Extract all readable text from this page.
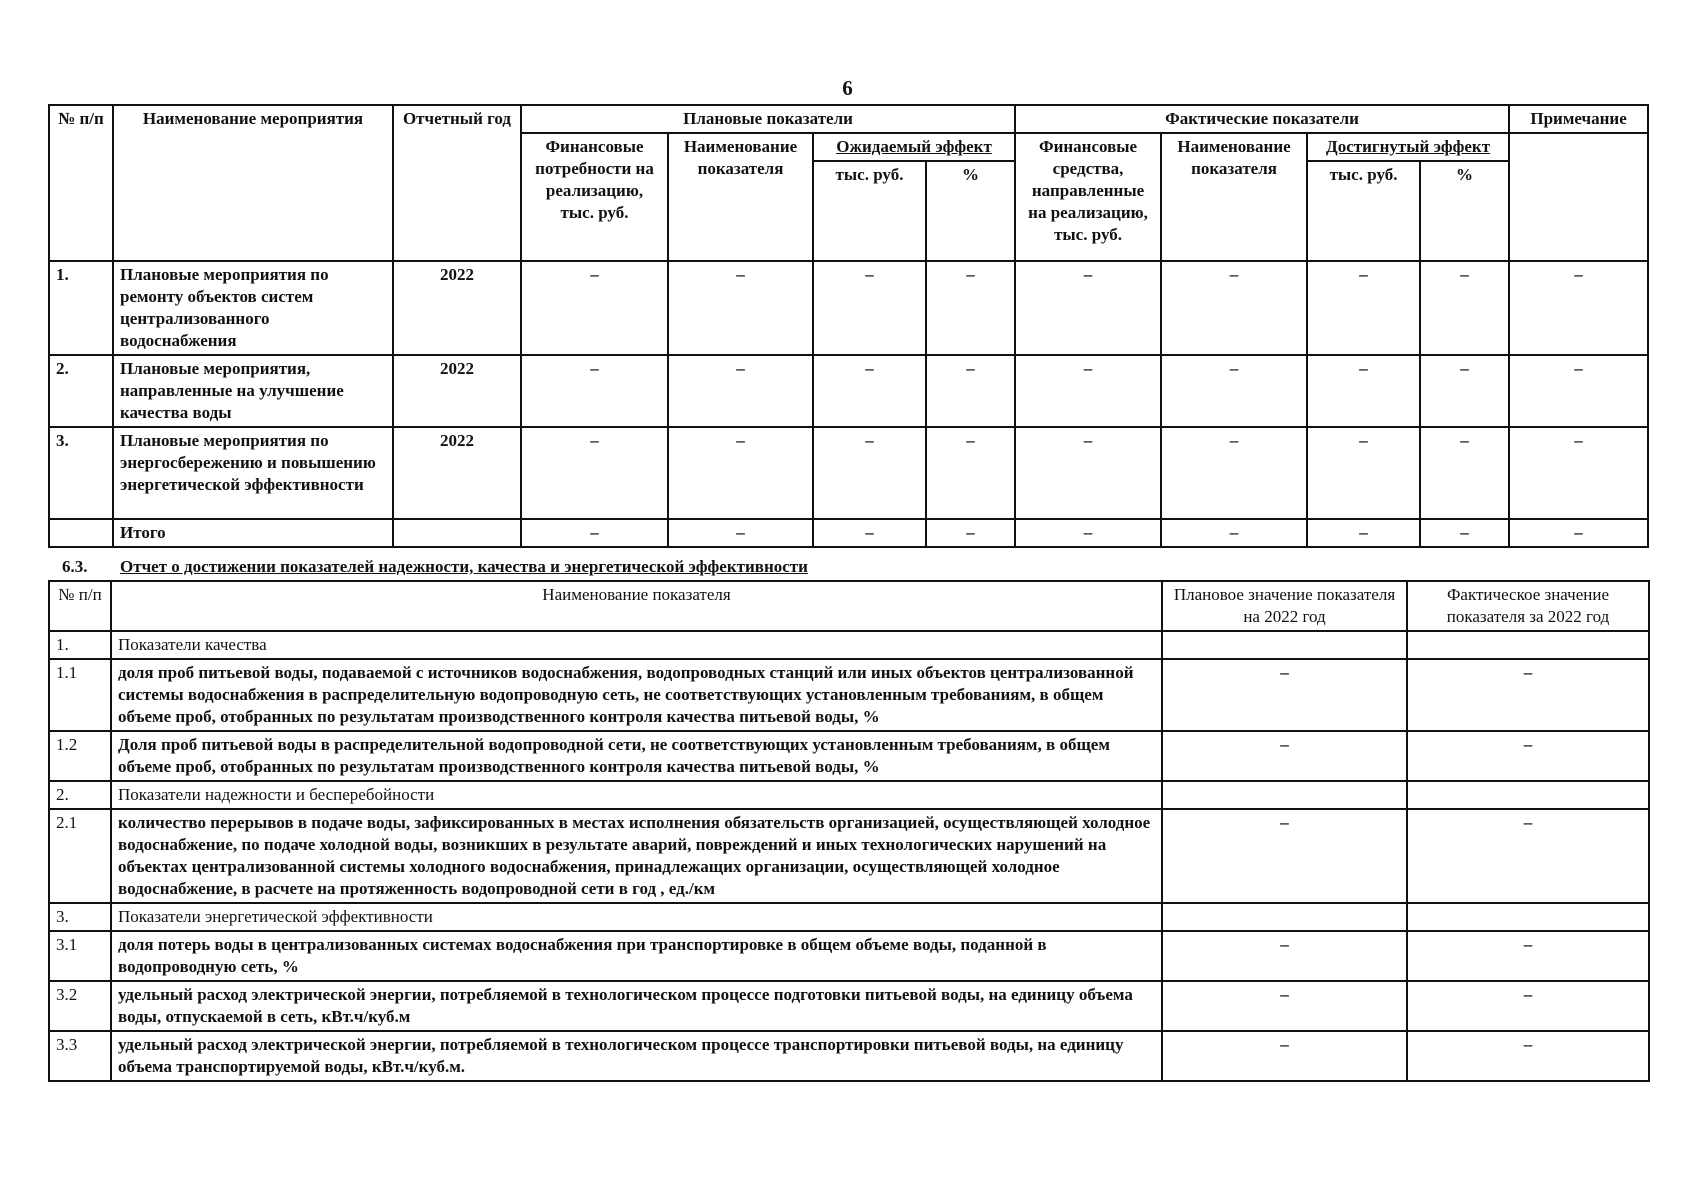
6
№ п/п	Наименование мероприятия	Отчетный год	Плановые показатели				Фактические показатели				Примечание
			Финансовые потребности на реализацию, тыс. руб.	Наименование показателя	Ожидаемый эффект		Финансовые средства, направленные на реализацию, тыс. руб.	Наименование показателя	Достигнутый эффект		
					тыс. руб.	%			тыс. руб.	%	
1.	Плановые мероприятия по ремонту объектов систем централизованного водоснабжения	2022	–	–	–	–	–	–	–	–	–
2.	Плановые мероприятия, направленные на улучшение качества воды	2022	–	–	–	–	–	–	–	–	–
3.	Плановые мероприятия по энергосбережению и повышению энергетической эффективности	2022	–	–	–	–	–	–	–	–	–
	Итого		–	–	–	–	–	–	–	–	–
6.3. Отчет о достижении показателей надежности, качества и энергетической эффективности
№ п/п	Наименование показателя	Плановое значение показателя на 2022 год	Фактическое значение показателя за 2022 год
1.	Показатели качества		
1.1	доля проб питьевой воды, подаваемой с источников водоснабжения, водопроводных станций или иных объектов централизованной системы водоснабжения в распределительную водопроводную сеть, не соответствующих установленным требованиям, в общем объеме проб, отобранных по результатам производственного контроля качества питьевой воды, %	–	–
1.2	Доля проб питьевой воды в распределительной водопроводной сети, не соответствующих установленным требованиям, в общем объеме проб, отобранных по результатам производственного контроля качества питьевой воды, %	–	–
2.	Показатели надежности и бесперебойности		
2.1	количество перерывов в подаче воды, зафиксированных в местах исполнения обязательств организацией, осуществляющей холодное водоснабжение, по подаче холодной воды, возникших в результате аварий, повреждений и иных технологических нарушений на объектах централизованной системы холодного водоснабжения, принадлежащих организации, осуществляющей холодное водоснабжение, в расчете на протяженность водопроводной сети в год , ед./км	–	–
3.	Показатели энергетической эффективности		
3.1	доля потерь воды в централизованных системах водоснабжения при транспортировке в общем объеме воды, поданной в водопроводную сеть, %	–	–
3.2	удельный расход электрической энергии, потребляемой в технологическом процессе подготовки питьевой воды, на единицу объема воды, отпускаемой в сеть, кВт.ч/куб.м	–	–
3.3	удельный расход электрической энергии, потребляемой в технологическом процессе транспортировки питьевой воды, на единицу объема транспортируемой воды, кВт.ч/куб.м.	–	–
